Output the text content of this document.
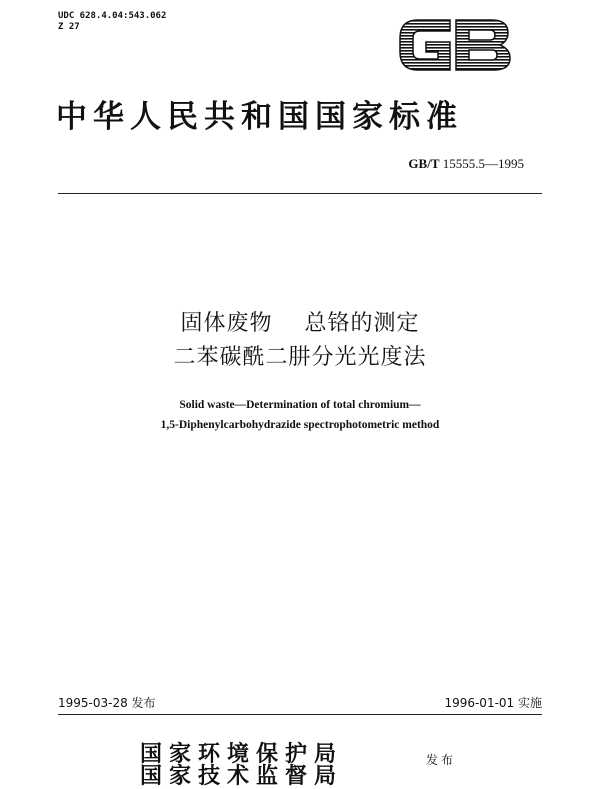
UDC 628.4.04:543.062
Z 27
GB
中华人民共和国国家标准
GB/T 15555.5—1995
固体废物    总铬的测定
二苯碳酰二肼分光光度法
Solid waste—Determination of total chromium—
1,5-Diphenylcarbohydrazide spectrophotometric method
1995-03-28 发布	1996-01-01 实施
国家环境保护局
国家技术监督局
发布
